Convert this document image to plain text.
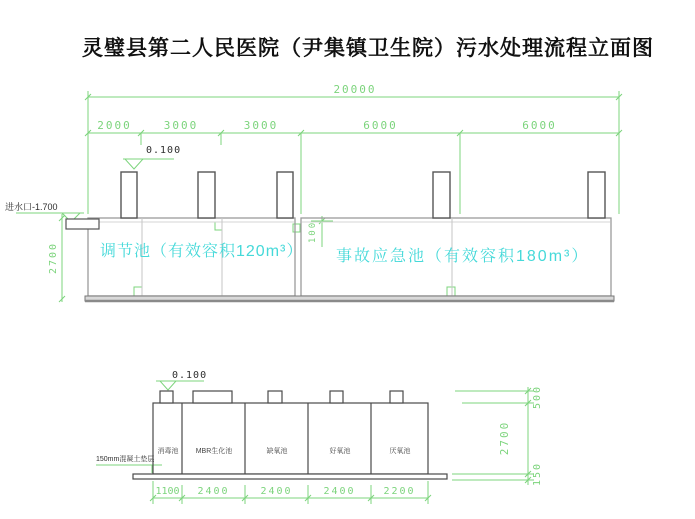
灵璧县第二人民医院（尹集镇卫生院）污水处理流程立面图
20000
2000	3000	3000	6000	6000
0.100
进水口-1.700
2700
100
调节池（有效容积120m³） 事故应急池（有效容积180m³）
0.100
150mm混凝土垫层
消毒池	MBR生化池	缺氧池	好氧池	厌氧池
1100	2400	2400	2400	2200
500
2700
150
